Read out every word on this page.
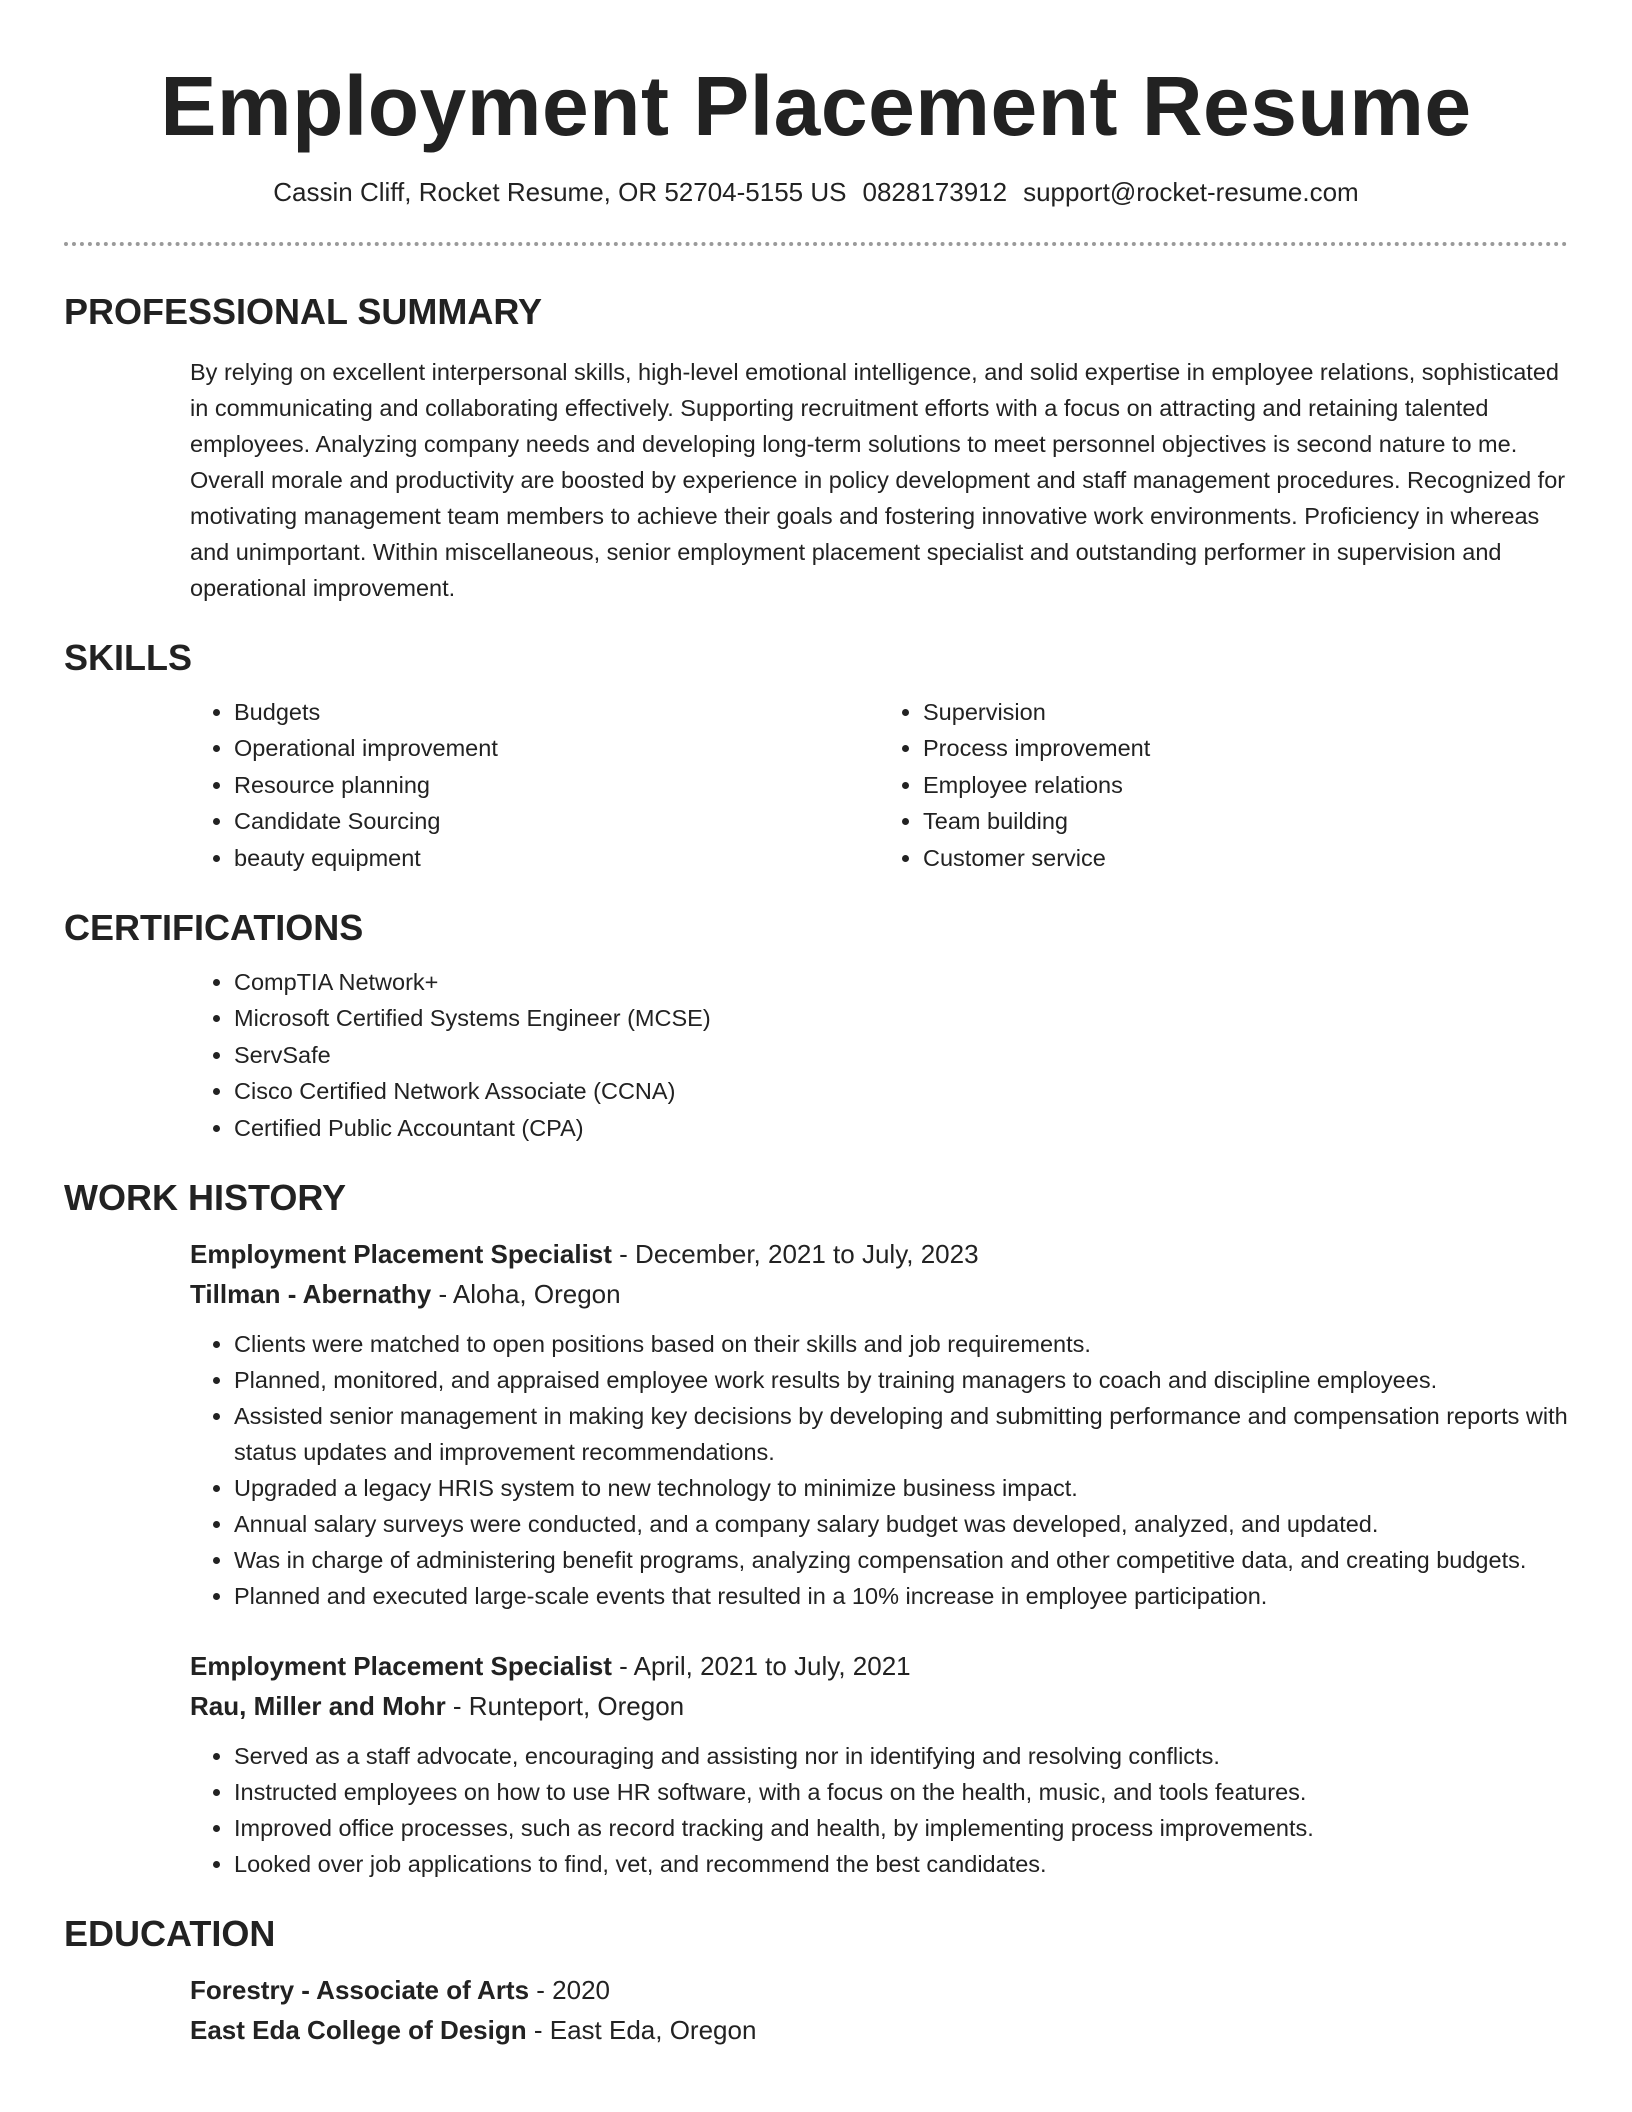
Employment Placement Resume
Cassin Cliff, Rocket Resume, OR 52704-5155 US 0828173912 support@rocket-resume.com
PROFESSIONAL SUMMARY

By relying on excellent interpersonal skills, high-level emotional intelligence, and solid expertise in employee relations, sophisticated in communicating and collaborating effectively. Supporting recruitment efforts with a focus on attracting and retaining talented employees. Analyzing company needs and developing long-term solutions to meet personnel objectives is second nature to me. Overall morale and productivity are boosted by experience in policy development and staff management procedures. Recognized for motivating management team members to achieve their goals and fostering innovative work environments. Proficiency in whereas and unimportant. Within miscellaneous, senior employment placement specialist and outstanding performer in supervision and operational improvement.

SKILLS
• Budgets
• Operational improvement
• Resource planning
• Candidate Sourcing
• beauty equipment
• Supervision
• Process improvement
• Employee relations
• Team building
• Customer service
CERTIFICATIONS
• CompTIA Network+
• Microsoft Certified Systems Engineer (MCSE)
• ServSafe
• Cisco Certified Network Associate (CCNA)
• Certified Public Accountant (CPA)
WORK HISTORY
Employment Placement Specialist - December, 2021 to July, 2023
Tillman - Abernathy - Aloha, Oregon
• Clients were matched to open positions based on their skills and job requirements.
• Planned, monitored, and appraised employee work results by training managers to coach and discipline employees.
• Assisted senior management in making key decisions by developing and submitting performance and compensation reports with status updates and improvement recommendations.
• Upgraded a legacy HRIS system to new technology to minimize business impact.
• Annual salary surveys were conducted, and a company salary budget was developed, analyzed, and updated.
• Was in charge of administering benefit programs, analyzing compensation and other competitive data, and creating budgets.
• Planned and executed large-scale events that resulted in a 10% increase in employee participation.
Employment Placement Specialist - April, 2021 to July, 2021
Rau, Miller and Mohr - Runteport, Oregon
• Served as a staff advocate, encouraging and assisting nor in identifying and resolving conflicts.
• Instructed employees on how to use HR software, with a focus on the health, music, and tools features.
• Improved office processes, such as record tracking and health, by implementing process improvements.
• Looked over job applications to find, vet, and recommend the best candidates.
EDUCATION
Forestry - Associate of Arts - 2020
East Eda College of Design - East Eda, Oregon
